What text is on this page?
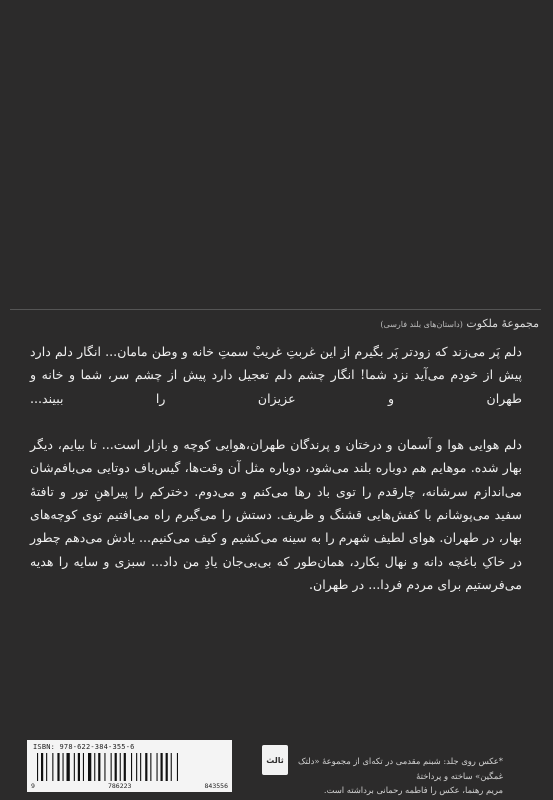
مجموعهٔ ملکوت (داستان‌های بلند فارسی)

دلم پَر می‌زند که زودتر پَر بگیرم از این غربتِ غریبْ سمتِ خانه و وطن مامان... انگار دلم دارد پیش از خودم می‌آید نزد شما! انگار چشم دلم تعجیل دارد پیش از چشم سر، شما و خانه و طهران و عزیزان را ببیند...

دلم هوایی هوا و آسمان و درختان و پرندگان طهران،هوایی کوچه و بازار است... تا بیایم، دیگر بهار شده. موهایم هم دوباره بلند می‌شود، دوباره مثل آن وقت‌ها، گیس‌باف دوتایی می‌بافم‌شان می‌اندازم سرشانه، چارقدم را توی باد رها می‌کنم و می‌دوم. دخترکم را پیراهنِ تور و تافتهٔ سفید می‌پوشانم با کفش‌هایی قشنگ و ظریف. دستش را می‌گیرم راه می‌افتیم توی کوچه‌های بهار، در طهران. هوای لطیف شهرم را به سینه می‌کشیم و کیف می‌کنیم... یادش می‌دهم چطور در خاکِ باغچه دانه و نهال بکارد، همان‌طور که بی‌بی‌جان یادِ من داد... سبزی و سایه را هدیه می‌فرستیم برای مردم فردا... در طهران.

*عکس روی جلد: شبنم مقدمی در تکه‌ای از مجموعهٔ «دلتک غمگین» ساخته و پرداختهٔ
مریم رهنما، عکس را فاطمه رحمانی برداشته است.
ثالث
ISBN: 978-622-384-355-6
9	786223	843556
